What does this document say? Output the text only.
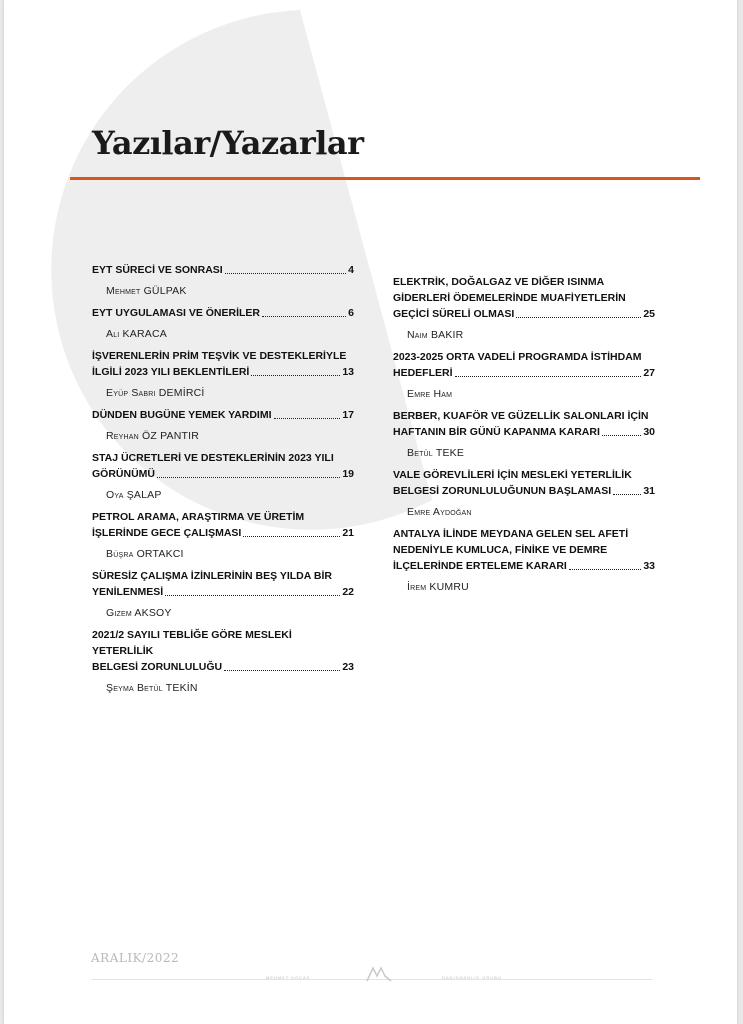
Yazılar/Yazarlar
EYT SÜRECİ VE SONRASI	4
Mehmet GÜLPAK
EYT UYGULAMASI VE ÖNERİLER	6
Ali KARACA
İŞVERENLERİN PRİM TEŞVİK VE DESTEKLERİYLE
İLGİLİ 2023 YILI BEKLENTİLERİ	13
Eyüp Sabri DEMİRCİ
DÜNDEN BUGÜNE YEMEK YARDIMI	17
Reyhan ÖZ PANTIR
STAJ ÜCRETLERİ VE DESTEKLERİNİN 2023 YILI
GÖRÜNÜMÜ	19
Oya ŞALAP
PETROL ARAMA, ARAŞTIRMA VE ÜRETİM
İŞLERİNDE GECE ÇALIŞMASI	21
Büşra ORTAKCI
SÜRESİZ ÇALIŞMA İZİNLERİNİN BEŞ YILDA BİR
YENİLENMESİ	22
Gizem AKSOY
2021/2 SAYILI TEBLİĞE GÖRE MESLEKİ YETERLİLİK
BELGESİ ZORUNLULUĞU	23
Şeyma Betül TEKİN
ELEKTRİK, DOĞALGAZ VE DİĞER ISINMA
GİDERLERİ ÖDEMELERİNDE MUAFİYETLERİN
GEÇİCİ SÜRELİ OLMASI	25
Naim BAKIR
2023-2025 ORTA VADELİ PROGRAMDA İSTİHDAM
HEDEFLERİ	27
Emre Ham
BERBER, KUAFÖR VE GÜZELLİK SALONLARI İÇİN
HAFTANIN BİR GÜNÜ KAPANMA KARARI	30
Betül TEKE
VALE GÖREVLİLERİ İÇİN MESLEKİ YETERLİLİK
BELGESİ ZORUNLULUĞUNUN BAŞLAMASI	31
Emre Aydoğan
ANTALYA İLİNDE MEYDANA GELEN SEL AFETİ
NEDENİYLE KUMLUCA, FİNİKE VE DEMRE
İLÇELERİNDE ERTELEME KARARI	33
İrem KUMRU
ARALIK/2022
MEHMET KOCAK	DANIŞMANLIK GRUBU
